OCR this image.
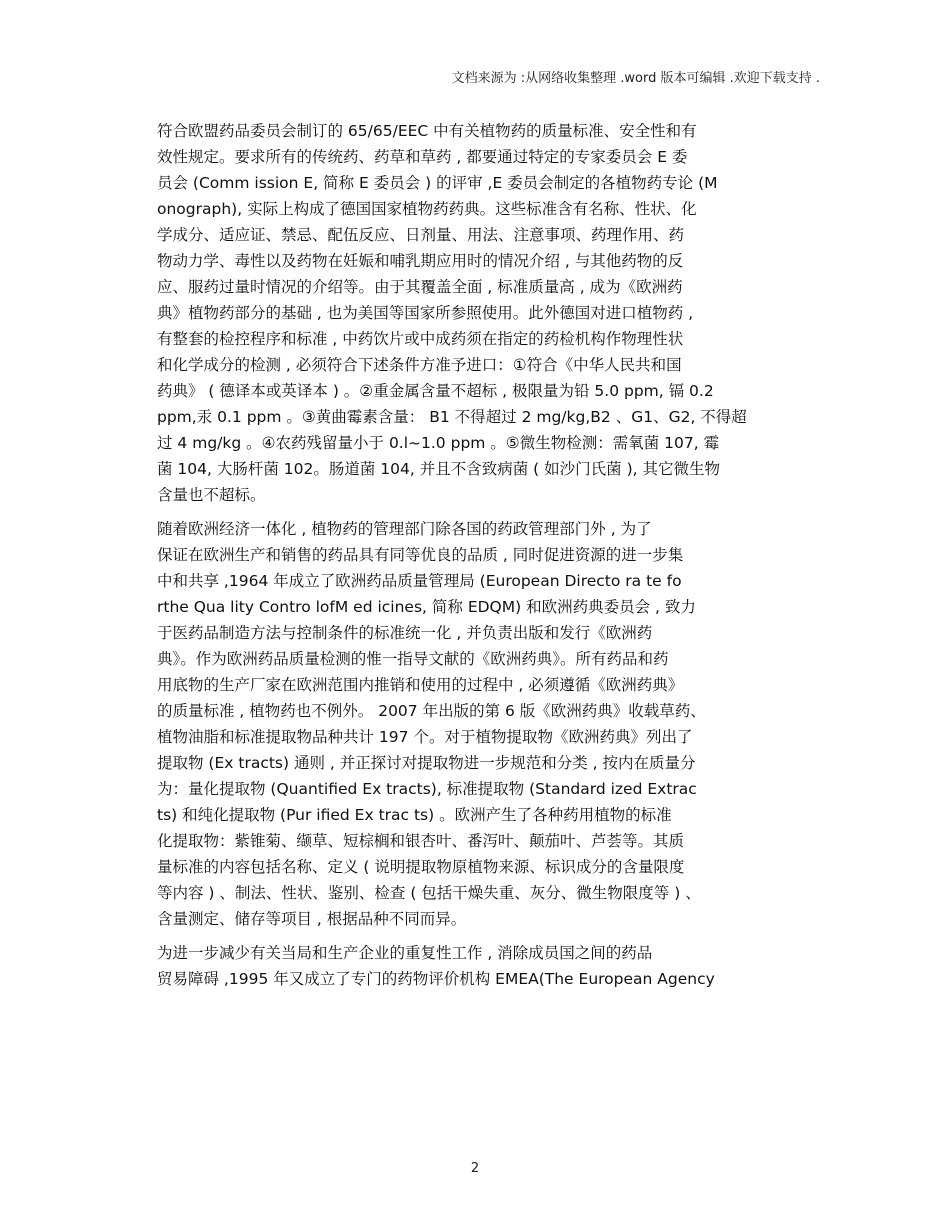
文档来源为 :从网络收集整理 .word 版本可编辑 .欢迎下载支持 .
符合欧盟药品委员会制订的 65/65/EEC 中有关植物药的质量标准、安全性和有
效性规定。要求所有的传统药、药草和草药 , 都要通过特定的专家委员会 E 委
员会 (Comm ission E, 简称 E 委员会 ) 的评审 ,E 委员会制定的各植物药专论 (M
onograph), 实际上构成了德国国家植物药药典。这些标准含有名称、性状、化
学成分、适应证、禁忌、配伍反应、日剂量、用法、注意事项、药理作用、药
物动力学、毒性以及药物在妊娠和哺乳期应用时的情况介绍 , 与其他药物的反
应、服药过量时情况的介绍等。由于其覆盖全面 , 标准质量高 , 成为《欧洲药
典》植物药部分的基础 , 也为美国等国家所参照使用。此外德国对进口植物药 ,
有整套的检控程序和标准 , 中药饮片或中成药须在指定的药检机构作物理性状
和化学成分的检测 , 必须符合下述条件方准予进口：①符合《中华人民共和国
药典》 ( 德译本或英译本 ) 。②重金属含量不超标 , 极限量为铅 5.0 ppm, 镉 0.2
ppm,汞 0.1 ppm 。③黄曲霉素含量： B1 不得超过 2 mg/kg,B2 、G1、G2, 不得超
过 4 mg/kg 。④农药残留量小于 0.l~1.0 ppm 。⑤微生物检测：需氧菌 107, 霉
菌 104, 大肠杆菌 102。肠道菌 104, 并且不含致病菌 ( 如沙门氏菌 ), 其它微生物
含量也不超标。
随着欧洲经济一体化 , 植物药的管理部门除各国的药政管理部门外 , 为了
保证在欧洲生产和销售的药品具有同等优良的品质 , 同时促进资源的进一步集
中和共享 ,1964 年成立了欧洲药品质量管理局 (European Directo ra te fo
rthe Qua lity Contro lofM ed icines, 简称 EDQM) 和欧洲药典委员会 , 致力
于医药品制造方法与控制条件的标准统一化 , 并负责出版和发行《欧洲药
典》。作为欧洲药品质量检测的惟一指导文献的《欧洲药典》。所有药品和药
用底物的生产厂家在欧洲范围内推销和使用的过程中 , 必须遵循《欧洲药典》
的质量标准 , 植物药也不例外。 2007 年出版的第 6 版《欧洲药典》收载草药、
植物油脂和标准提取物品种共计 197 个。对于植物提取物《欧洲药典》列出了
提取物 (Ex tracts) 通则 , 并正探讨对提取物进一步规范和分类 , 按内在质量分
为：量化提取物 (Quantified Ex tracts), 标准提取物 (Standard ized Extrac
ts) 和纯化提取物 (Pur ified Ex trac ts) 。欧洲产生了各种药用植物的标准
化提取物：紫锥菊、缬草、短棕榈和银杏叶、番泻叶、颠茄叶、芦荟等。其质
量标准的内容包括名称、定义 ( 说明提取物原植物来源、标识成分的含量限度
等内容 ) 、制法、性状、鉴别、检查 ( 包括干燥失重、灰分、微生物限度等 ) 、
含量测定、储存等项目 , 根据品种不同而异。
为进一步减少有关当局和生产企业的重复性工作 , 消除成员国之间的药品
贸易障碍 ,1995 年又成立了专门的药物评价机构 EMEA(The European Agency
2
